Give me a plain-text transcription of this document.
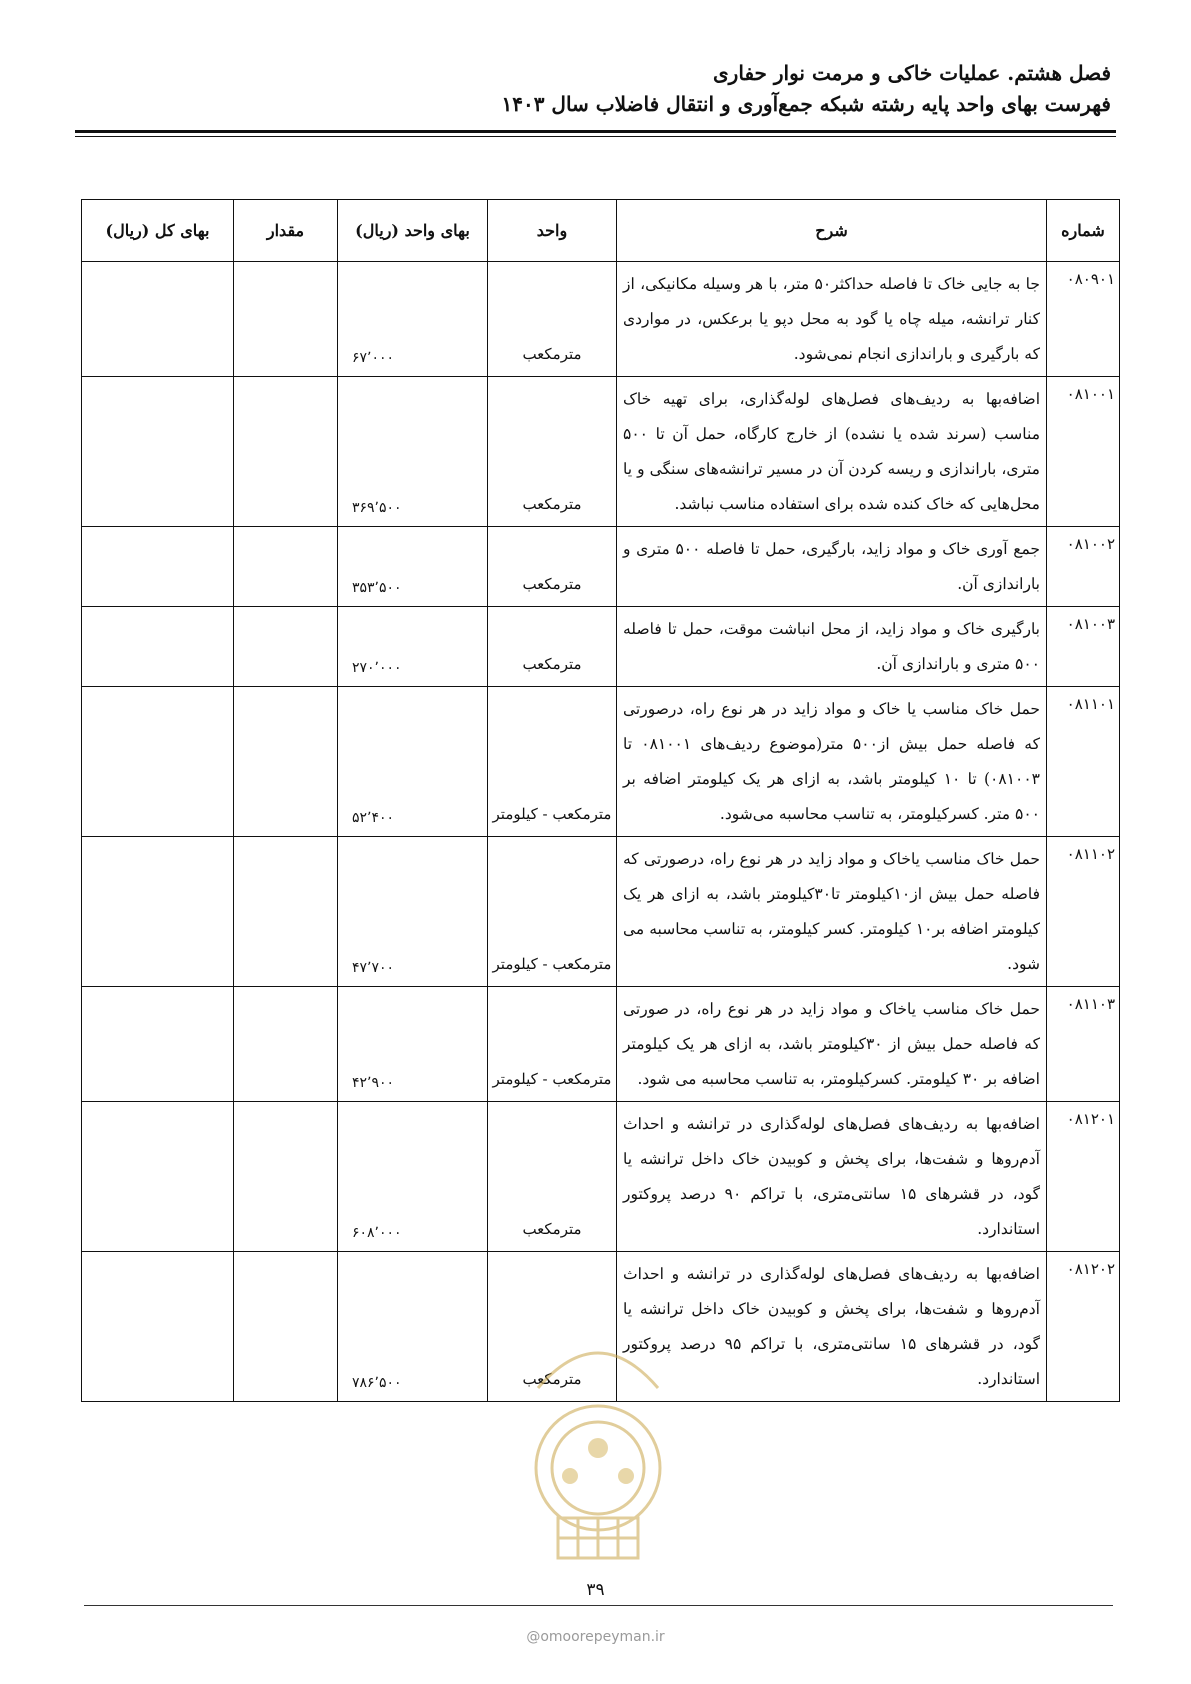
فصل هشتم. عملیات خاکی و مرمت نوار حفاری
فهرست بهای واحد پایه رشته شبکه جمع‌آوری و انتقال فاضلاب سال ۱۴۰۳
شماره	شرح	واحد	بهای واحد (ریال)	مقدار	بهای کل (ریال)
۰۸۰۹۰۱	جا به جایی خاک تا فاصله حداکثر۵۰ متر، با هر وسیله مکانیکی، از کنار ترانشه، میله چاه یا گود به محل دپو یا برعکس، در مواردی که بارگیری و باراندازی انجام نمی‌شود.	مترمکعب	۶۷٬۰۰۰		
۰۸۱۰۰۱	اضافه‌بها به ردیف‌های فصل‌های لوله‌گذاری، برای تهیه خاک مناسب (سرند شده یا نشده) از خارج کارگاه، حمل آن تا ۵۰۰ متری، باراندازی و ریسه کردن آن در مسیر ترانشه‌های سنگی و یا محل‌هایی که خاک کنده شده برای استفاده مناسب نباشد.	مترمکعب	۳۶۹٬۵۰۰		
۰۸۱۰۰۲	جمع آوری خاک و مواد زاید، بارگیری، حمل تا فاصله ۵۰۰ متری و باراندازی آن.	مترمکعب	۳۵۳٬۵۰۰		
۰۸۱۰۰۳	بارگیری خاک و مواد زاید، از محل انباشت موقت، حمل تا فاصله ۵۰۰ متری و باراندازی آن.	مترمکعب	۲۷۰٬۰۰۰		
۰۸۱۱۰۱	حمل خاک مناسب یا خاک و مواد زاید در هر نوع راه، درصورتی که فاصله حمل بیش از۵۰۰ متر(موضوع ردیف‌های ۰۸۱۰۰۱ تا ۰۸۱۰۰۳) تا ۱۰ کیلومتر باشد، به ازای هر یک کیلومتر اضافه بر ۵۰۰ متر. کسرکیلومتر، به تناسب محاسبه می‌شود.	مترمکعب - کیلومتر	۵۲٬۴۰۰		
۰۸۱۱۰۲	حمل خاک مناسب یاخاک و مواد زاید در هر نوع راه، درصورتی که فاصله حمل بیش از۱۰کیلومتر تا۳۰کیلومتر باشد، به ازای هر یک کیلومتر اضافه بر۱۰ کیلومتر. کسر کیلومتر، به تناسب محاسبه می شود.	مترمکعب - کیلومتر	۴۷٬۷۰۰		
۰۸۱۱۰۳	حمل خاک مناسب یاخاک و مواد زاید در هر نوع راه، در صورتی که فاصله حمل بیش از ۳۰کیلومتر باشد، به ازای هر یک کیلومتر اضافه بر ۳۰ کیلومتر. کسرکیلومتر، به تناسب محاسبه می شود.	مترمکعب - کیلومتر	۴۲٬۹۰۰		
۰۸۱۲۰۱	اضافه‌بها به ردیف‌های فصل‌های لوله‌گذاری در ترانشه و احداث آدم‌روها و شفت‌ها، برای پخش و کوبیدن خاک داخل ترانشه یا گود، در قشرهای ۱۵ سانتی‌متری، با تراکم ۹۰ درصد پروکتور استاندارد.	مترمکعب	۶۰۸٬۰۰۰		
۰۸۱۲۰۲	اضافه‌بها به ردیف‌های فصل‌های لوله‌گذاری در ترانشه و احداث آدم‌روها و شفت‌ها، برای پخش و کوبیدن خاک داخل ترانشه یا گود، در قشرهای ۱۵ سانتی‌متری، با تراکم ۹۵ درصد پروکتور استاندارد.	مترمکعب	۷۸۶٬۵۰۰		
۳۹
@omoorepeyman.ir
